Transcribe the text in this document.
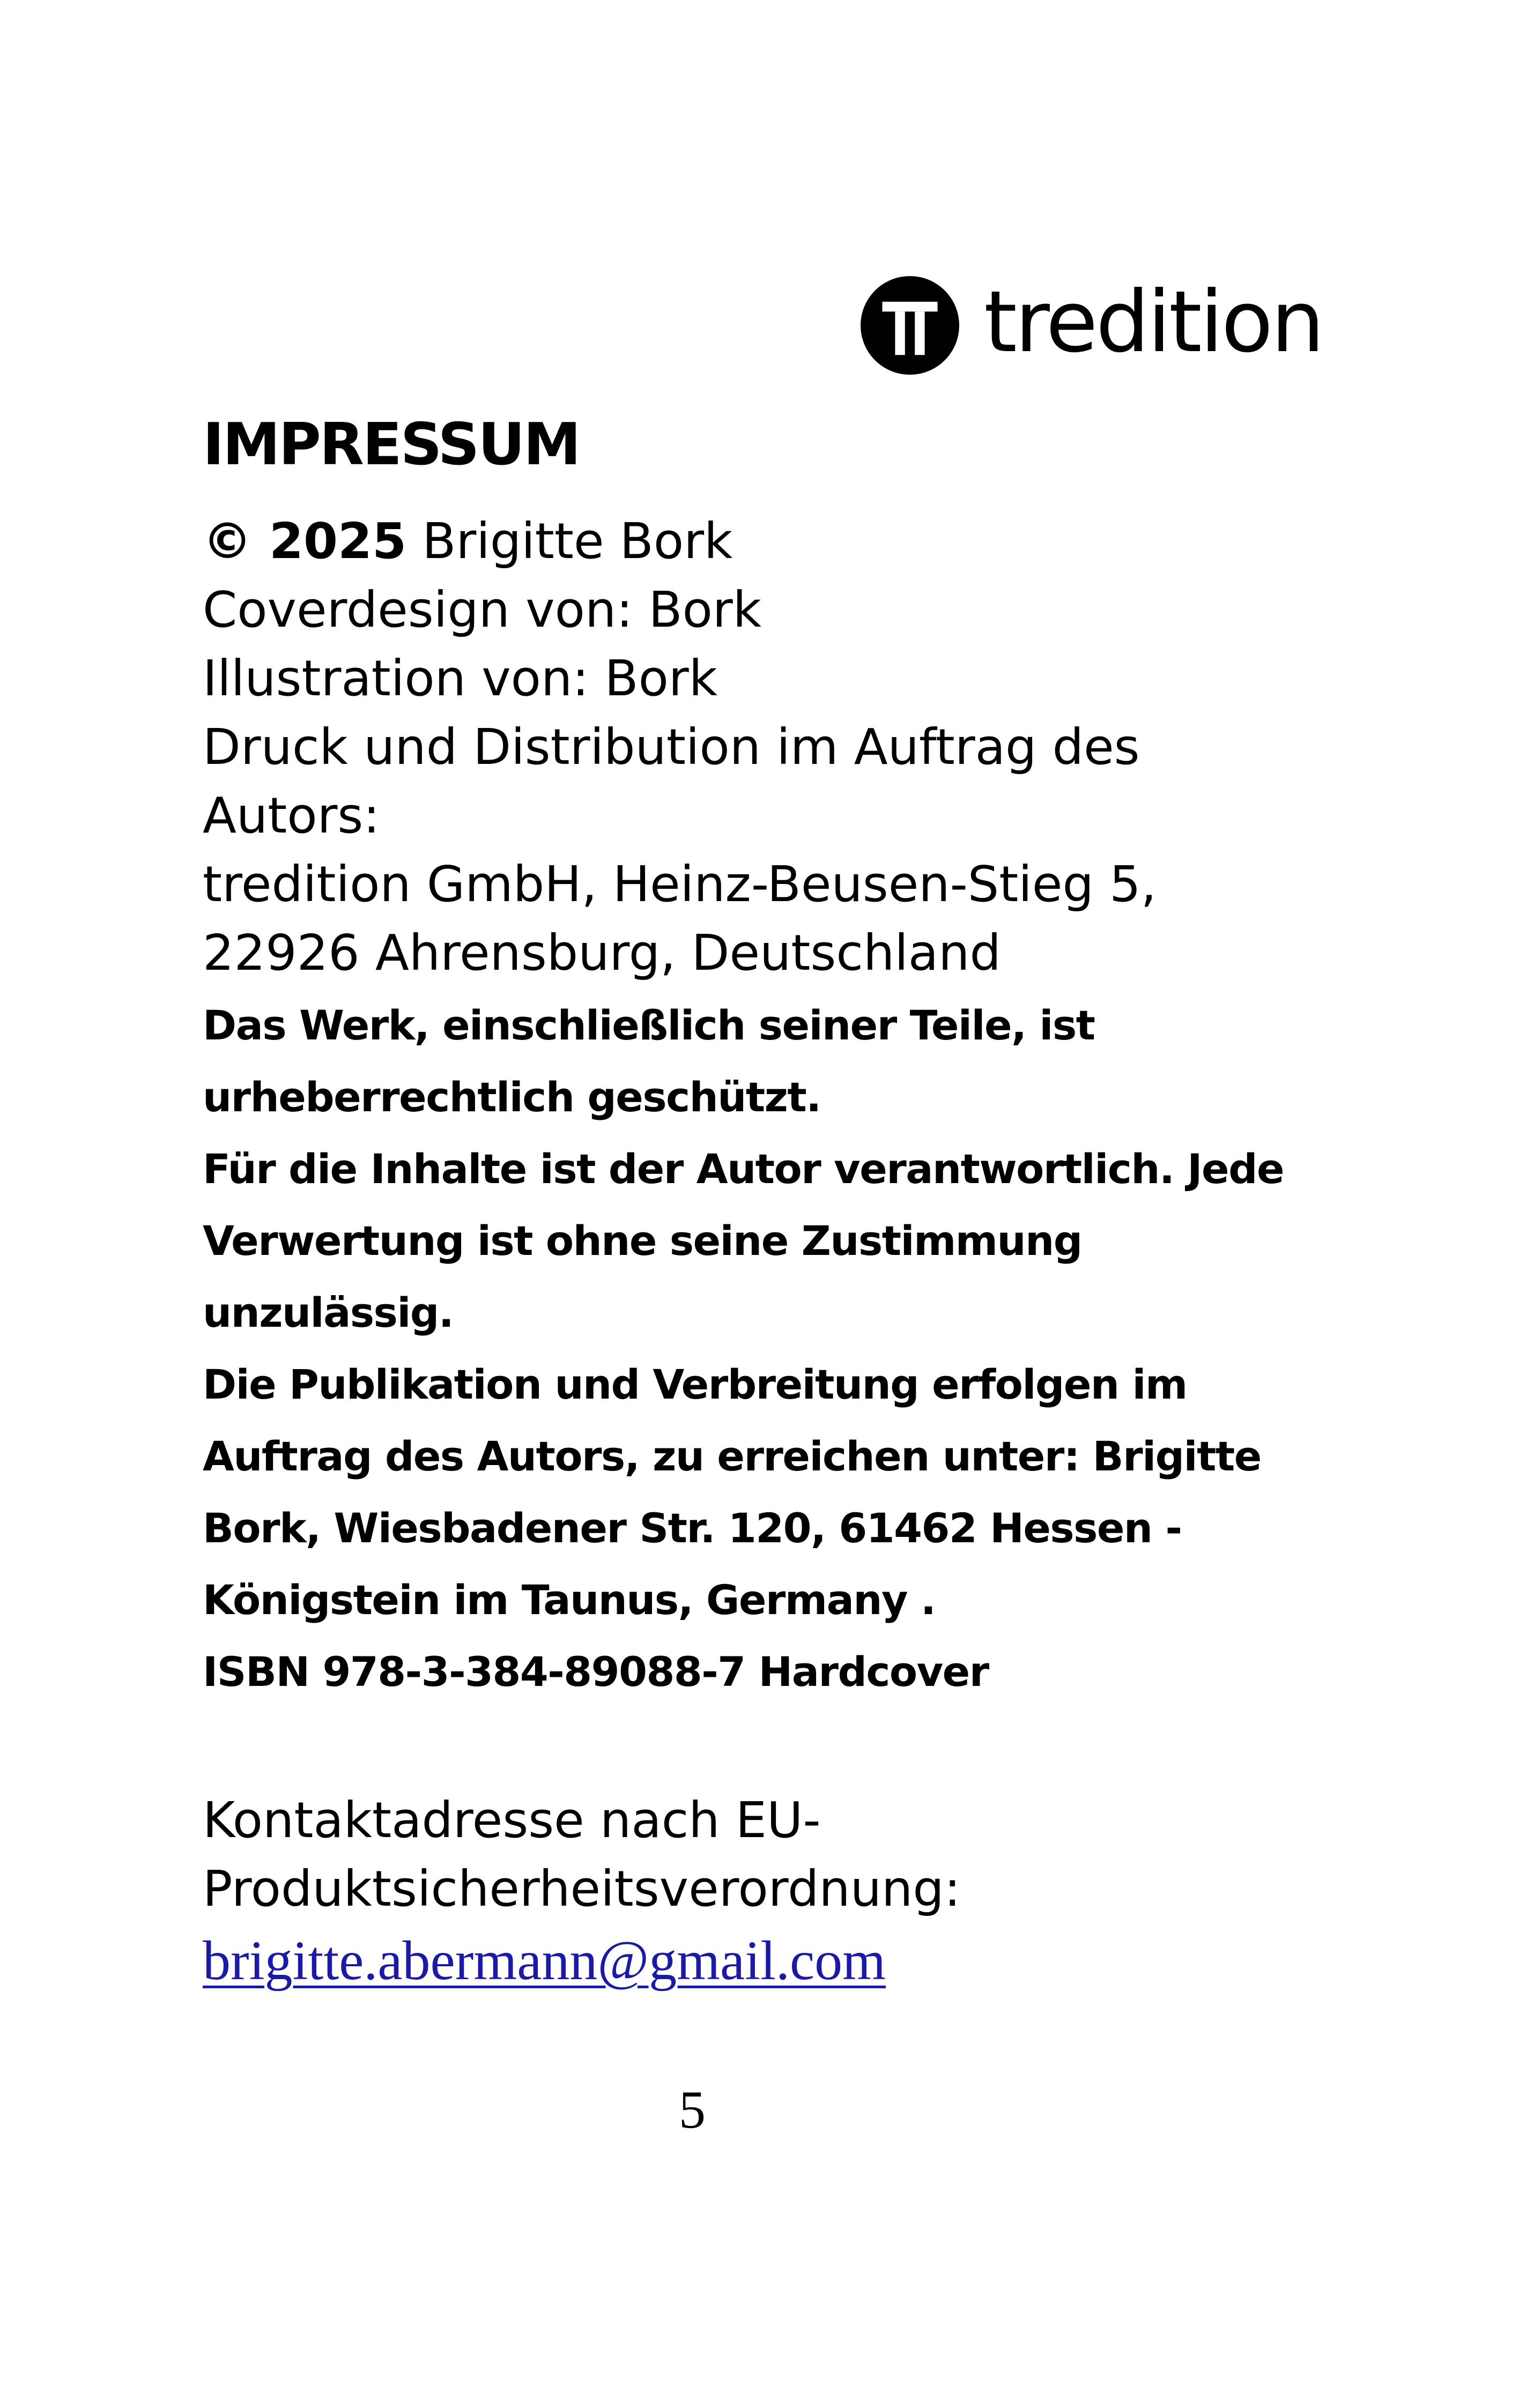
tredition
IMPRESSUM
© 2025 Brigitte Bork
Coverdesign von: Bork
Illustration von: Bork
Druck und Distribution im Auftrag des
Autors:
tredition GmbH, Heinz-Beusen-Stieg 5,
22926 Ahrensburg, Deutschland
Das Werk, einschließlich seiner Teile, ist
urheberrechtlich geschützt.
Für die Inhalte ist der Autor verantwortlich. Jede
Verwertung ist ohne seine Zustimmung
unzulässig.
Die Publikation und Verbreitung erfolgen im
Auftrag des Autors, zu erreichen unter: Brigitte
Bork, Wiesbadener Str. 120, 61462 Hessen -
Königstein im Taunus, Germany .
ISBN 978-3-384-89088-7 Hardcover
Kontaktadresse nach EU-
Produktsicherheitsverordnung:
brigitte.abermann@gmail.com
5
